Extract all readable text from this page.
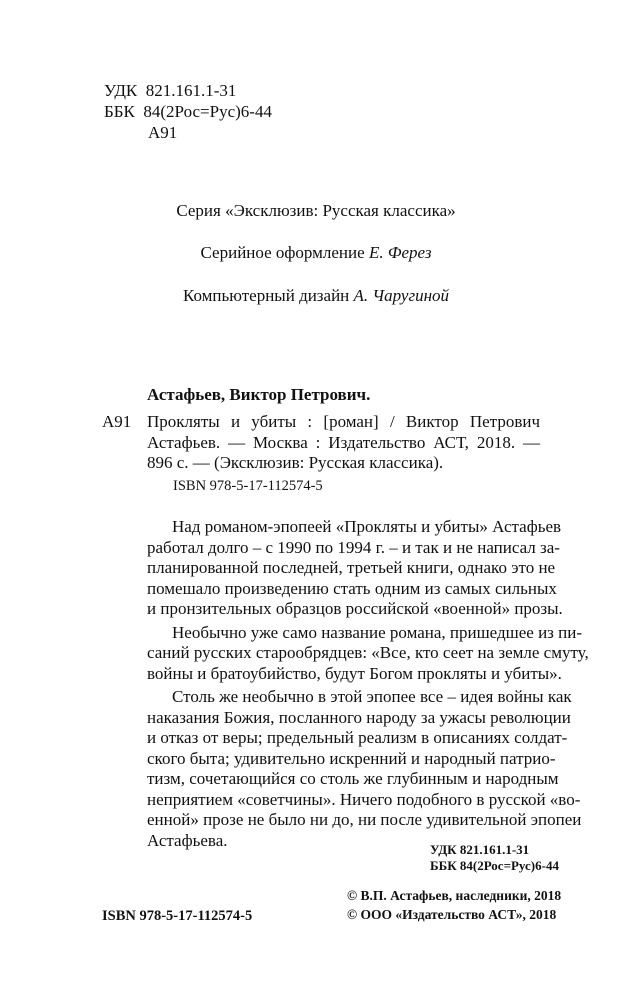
УДК 821.161.1-31
ББК 84(2Рос=Рус)6-44
А91
Серия «Эксклюзив: Русская классика»
Серийное оформление Е. Ферез
Компьютерный дизайн А. Чаругиной
Астафьев, Виктор Петрович.
А91 Прокляты и убиты : [роман] / Виктор Петрович
Астафьев. — Москва : Издательство АСТ, 2018. —
896 с. — (Эксклюзив: Русская классика).
ISBN 978-5-17-112574-5
Над романом-эпопеей «Прокляты и убиты» Астафьев
работал долго – с 1990 по 1994 г. – и так и не написал за-
планированной последней, третьей книги, однако это не
помешало произведению стать одним из самых сильных
и пронзительных образцов российской «военной» прозы.
Необычно уже само название романа, пришедшее из пи-
саний русских старообрядцев: «Все, кто сеет на земле смуту,
войны и братоубийство, будут Богом прокляты и убиты».
Столь же необычно в этой эпопее все – идея войны как
наказания Божия, посланного народу за ужасы революции
и отказ от веры; предельный реализм в описаниях солдат-
ского быта; удивительно искренний и народный патрио-
тизм, сочетающийся со столь же глубинным и народным
неприятием «советчины». Ничего подобного в русской «во-
енной» прозе не было ни до, ни после удивительной эпопеи
Астафьева.	УДК 821.161.1-31
ББК 84(2Рос=Рус)6-44
ISBN 978-5-17-112574-5
© В.П. Астафьев, наследники, 2018
© ООО «Издательство АСТ», 2018
